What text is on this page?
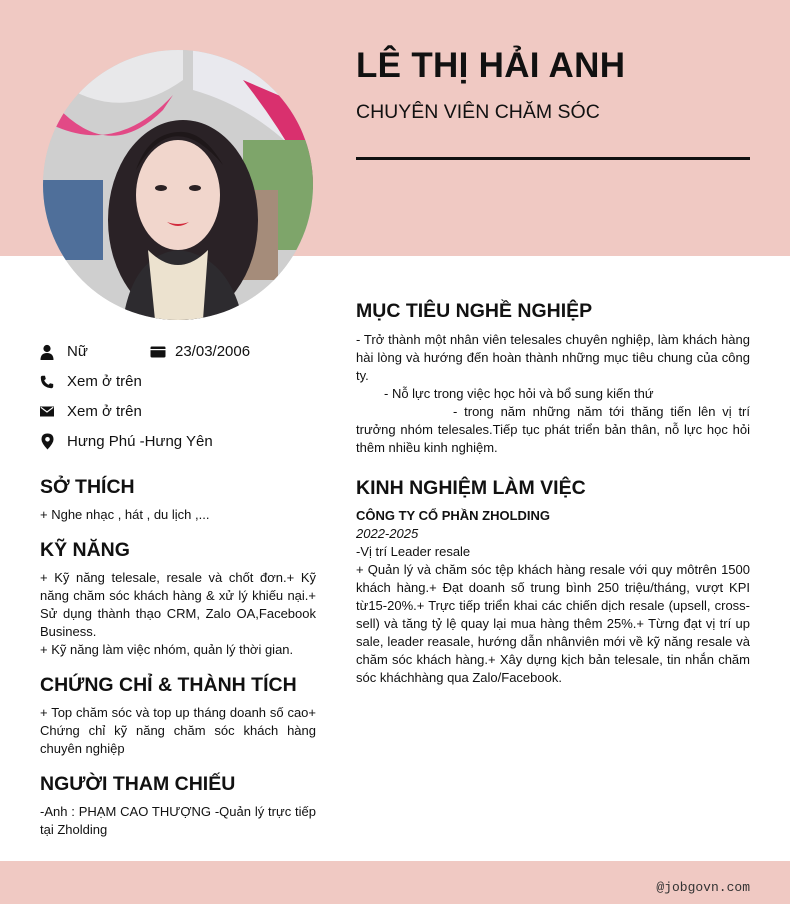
LÊ THỊ HẢI ANH
CHUYÊN VIÊN CHĂM SÓC
Nữ	23/03/2006
Xem ở trên
Xem ở trên
Hưng Phú -Hưng Yên
SỞ THÍCH
+ Nghe nhạc , hát , du lịch ,...
KỸ NĂNG
+ Kỹ năng telesale, resale và chốt đơn.+ Kỹ năng chăm sóc khách hàng & xử lý khiếu nại.+ Sử dụng thành thạo CRM, Zalo OA,Facebook Business.
+ Kỹ năng làm việc nhóm, quản lý thời gian.
CHỨNG CHỈ & THÀNH TÍCH
+ Top chăm sóc và top up tháng doanh số cao+ Chứng chỉ kỹ năng chăm sóc khách hàng chuyên nghiệp
NGƯỜI THAM CHIẾU
-Anh : PHẠM CAO THƯỢNG -Quản lý trực tiếp tại Zholding
MỤC TIÊU NGHỀ NGHIỆP
- Trở thành một nhân viên telesales chuyên nghiệp, làm khách hàng hài lòng và hướng đến hoàn thành những mục tiêu chung của công ty.
- Nỗ lực trong việc học hỏi và bổ sung kiến thứ
- trong năm những năm tới thăng tiến lên vị trí trưởng nhóm telesales.Tiếp tục phát triển bản thân, nỗ lực học hỏi thêm nhiều kinh nghiệm.
KINH NGHIỆM LÀM VIỆC
CÔNG TY CỔ PHẦN ZHOLDING
2022-2025
-Vị trí Leader resale
+ Quản lý và chăm sóc tệp khách hàng resale với quy môtrên 1500 khách hàng.+ Đạt doanh số trung bình 250 triệu/tháng, vượt KPI từ15-20%.+ Trực tiếp triển khai các chiến dịch resale (upsell, cross-sell) và tăng tỷ lệ quay lại mua hàng thêm 25%.+ Từng đạt vị trí up sale, leader reasale, hướng dẫn nhânviên mới về kỹ năng resale và chăm sóc khách hàng.+ Xây dựng kịch bản telesale, tin nhắn chăm sóc kháchhàng qua Zalo/Facebook.
@jobgovn.com
